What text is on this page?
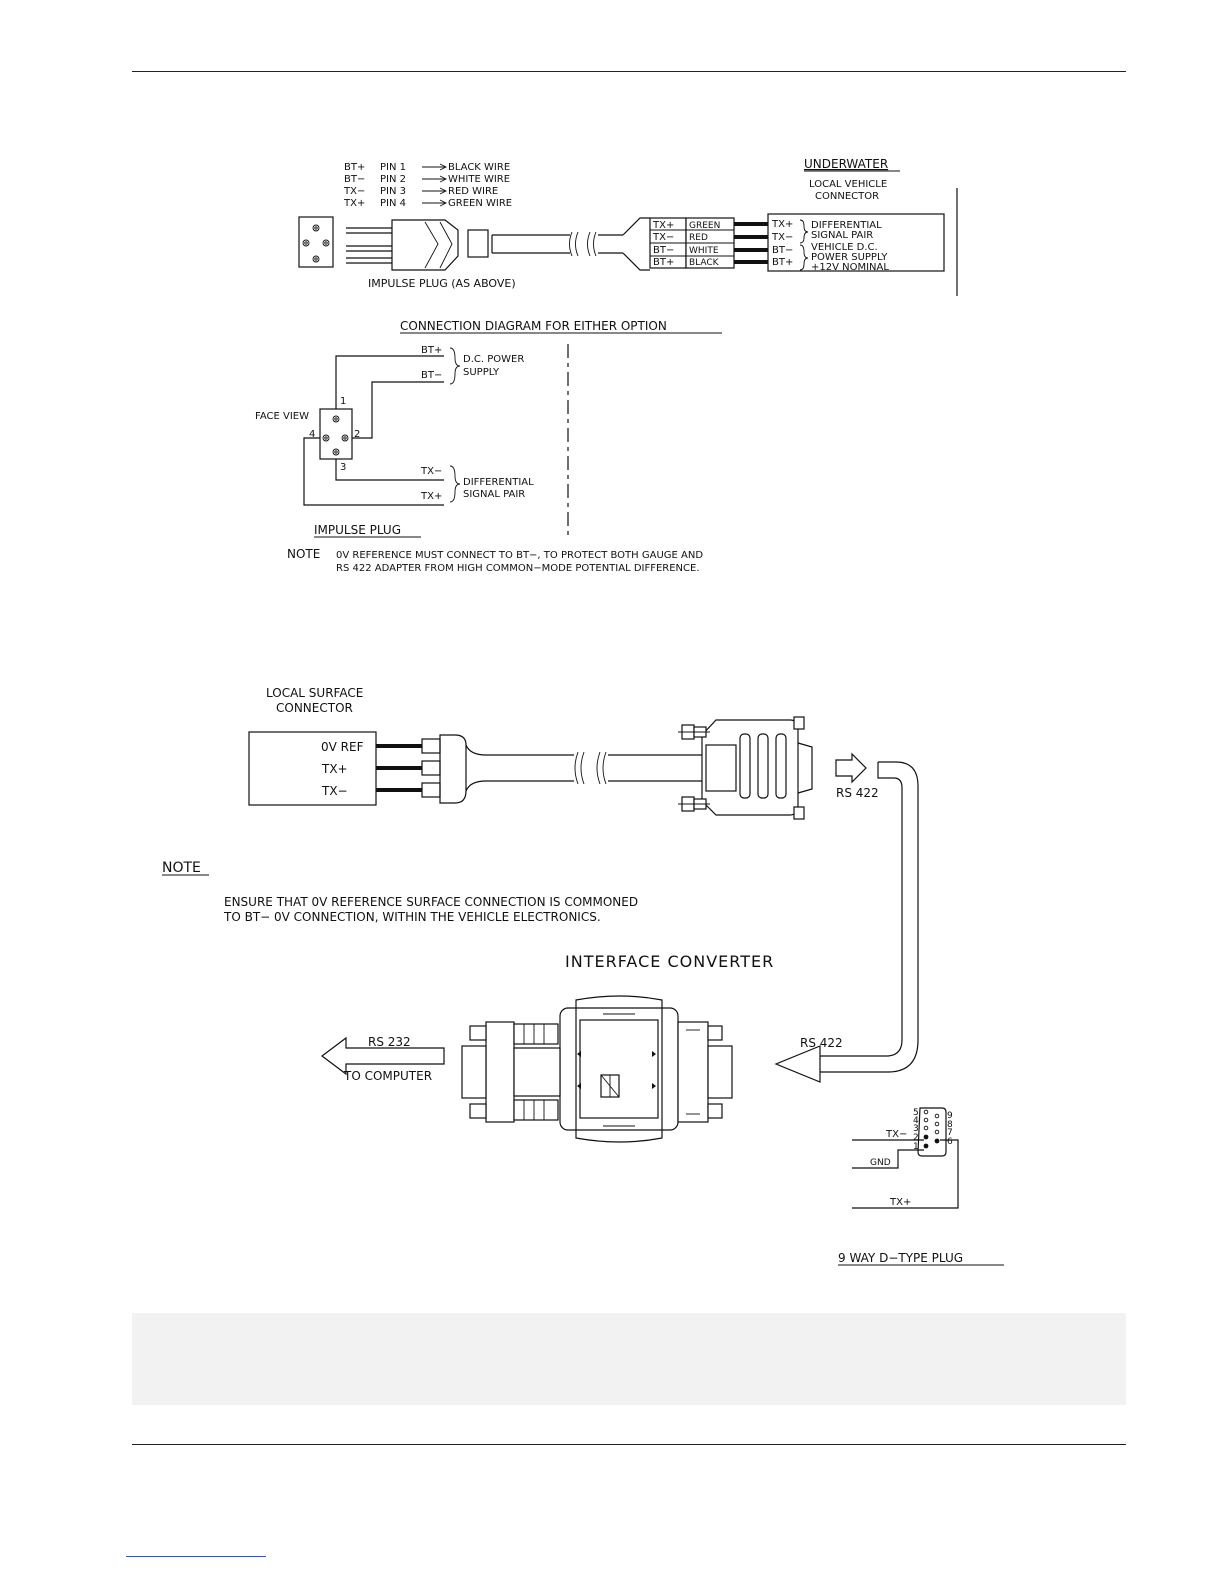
BT+ PIN 1	BLACK WIRE
BT− PIN 2	WHITE WIRE
TX− PIN 3	RED WIRE
TX+ PIN 4	GREEN WIRE
IMPULSE PLUG (AS ABOVE)
TX+ GREEN
TX− RED
BT− WHITE
BT+ BLACK
UNDERWATER
LOCAL VEHICLE
CONNECTOR
TX+
TX−
BT−
BT+
DIFFERENTIAL
SIGNAL PAIR
VEHICLE D.C.
POWER SUPPLY
+12V NOMINAL
CONNECTION DIAGRAM FOR EITHER OPTION
BT+
BT−
D.C. POWER
SUPPLY
TX−
TX+
DIFFERENTIAL
SIGNAL PAIR
FACE VIEW
1
2
3
4
IMPULSE PLUG
NOTE 0V REFERENCE MUST CONNECT TO BT−, TO PROTECT BOTH GAUGE AND
RS 422 ADAPTER FROM HIGH COMMON−MODE POTENTIAL DIFFERENCE.
LOCAL SURFACE
CONNECTOR
0V REF
TX+
TX−	RS 422
RS 422
NOTE
ENSURE THAT 0V REFERENCE SURFACE CONNECTION IS COMMONED
TO BT− 0V CONNECTION, WITHIN THE VEHICLE ELECTRONICS.
INTERFACE CONVERTER
RS 232
TO COMPUTER
5
4
3
2
1
9
8
7
6
TX−
GND
TX+
9 WAY D−TYPE PLUG
